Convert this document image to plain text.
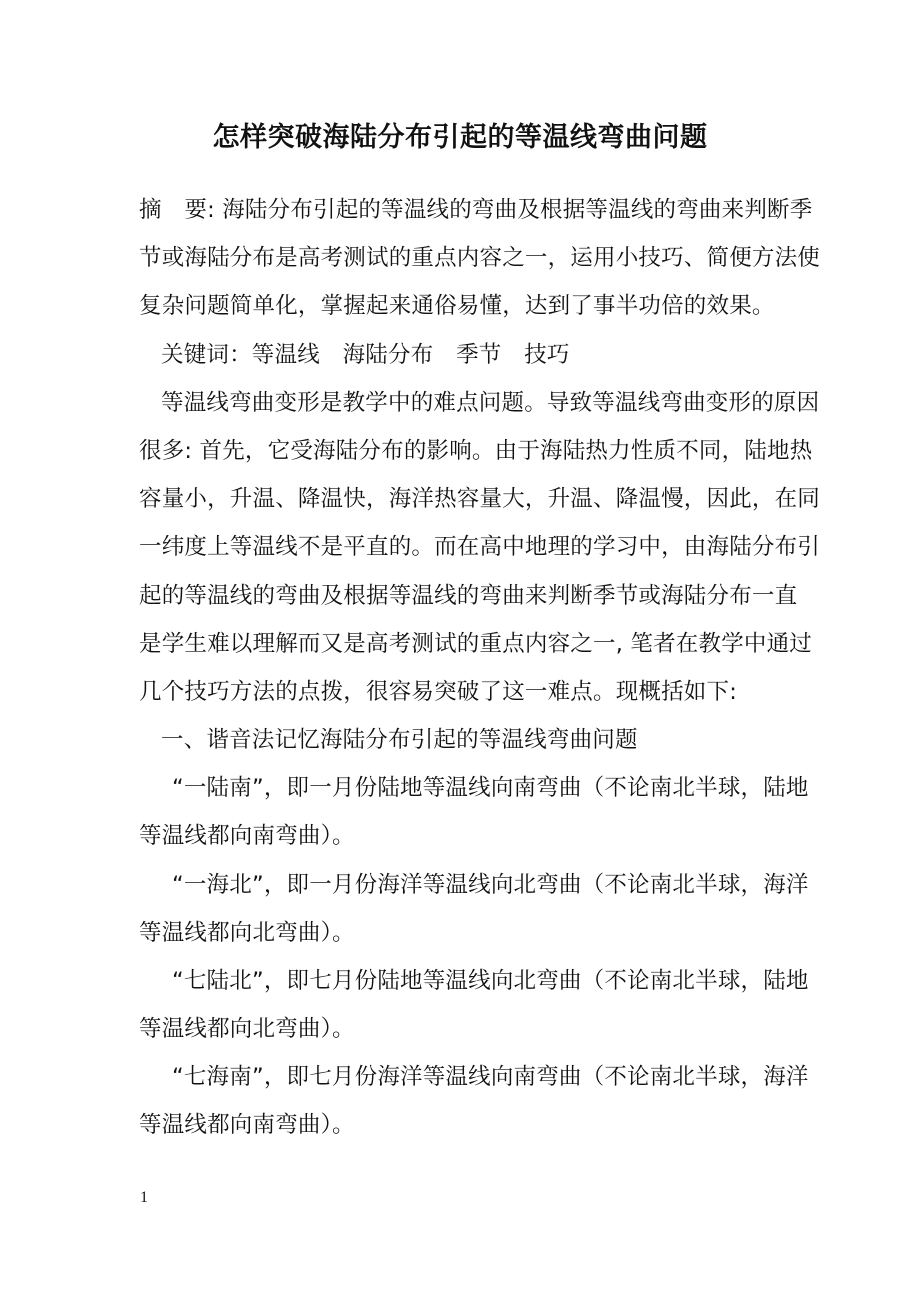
怎样突破海陆分布引起的等温线弯曲问题
摘　要: 海陆分布引起的等温线的弯曲及根据等温线的弯曲来判断季
节或海陆分布是高考测试的重点内容之一，运用小技巧、简便方法使
复杂问题简单化，掌握起来通俗易懂，达到了事半功倍的效果。
关键词：等温线　海陆分布　季节　技巧
等温线弯曲变形是教学中的难点问题。导致等温线弯曲变形的原因
很多: 首先，它受海陆分布的影响。由于海陆热力性质不同，陆地热
容量小，升温、降温快，海洋热容量大，升温、降温慢，因此，在同
一纬度上等温线不是平直的。而在高中地理的学习中，由海陆分布引
起的等温线的弯曲及根据等温线的弯曲来判断季节或海陆分布一直
是学生难以理解而又是高考测试的重点内容之一, 笔者在教学中通过
几个技巧方法的点拨，很容易突破了这一难点。现概括如下:
一、谐音法记忆海陆分布引起的等温线弯曲问题
“一陆南”，即一月份陆地等温线向南弯曲（不论南北半球，陆地
等温线都向南弯曲）。
“一海北”，即一月份海洋等温线向北弯曲（不论南北半球，海洋
等温线都向北弯曲）。
“七陆北”，即七月份陆地等温线向北弯曲（不论南北半球，陆地
等温线都向北弯曲）。
“七海南”，即七月份海洋等温线向南弯曲（不论南北半球，海洋
等温线都向南弯曲）。
1
